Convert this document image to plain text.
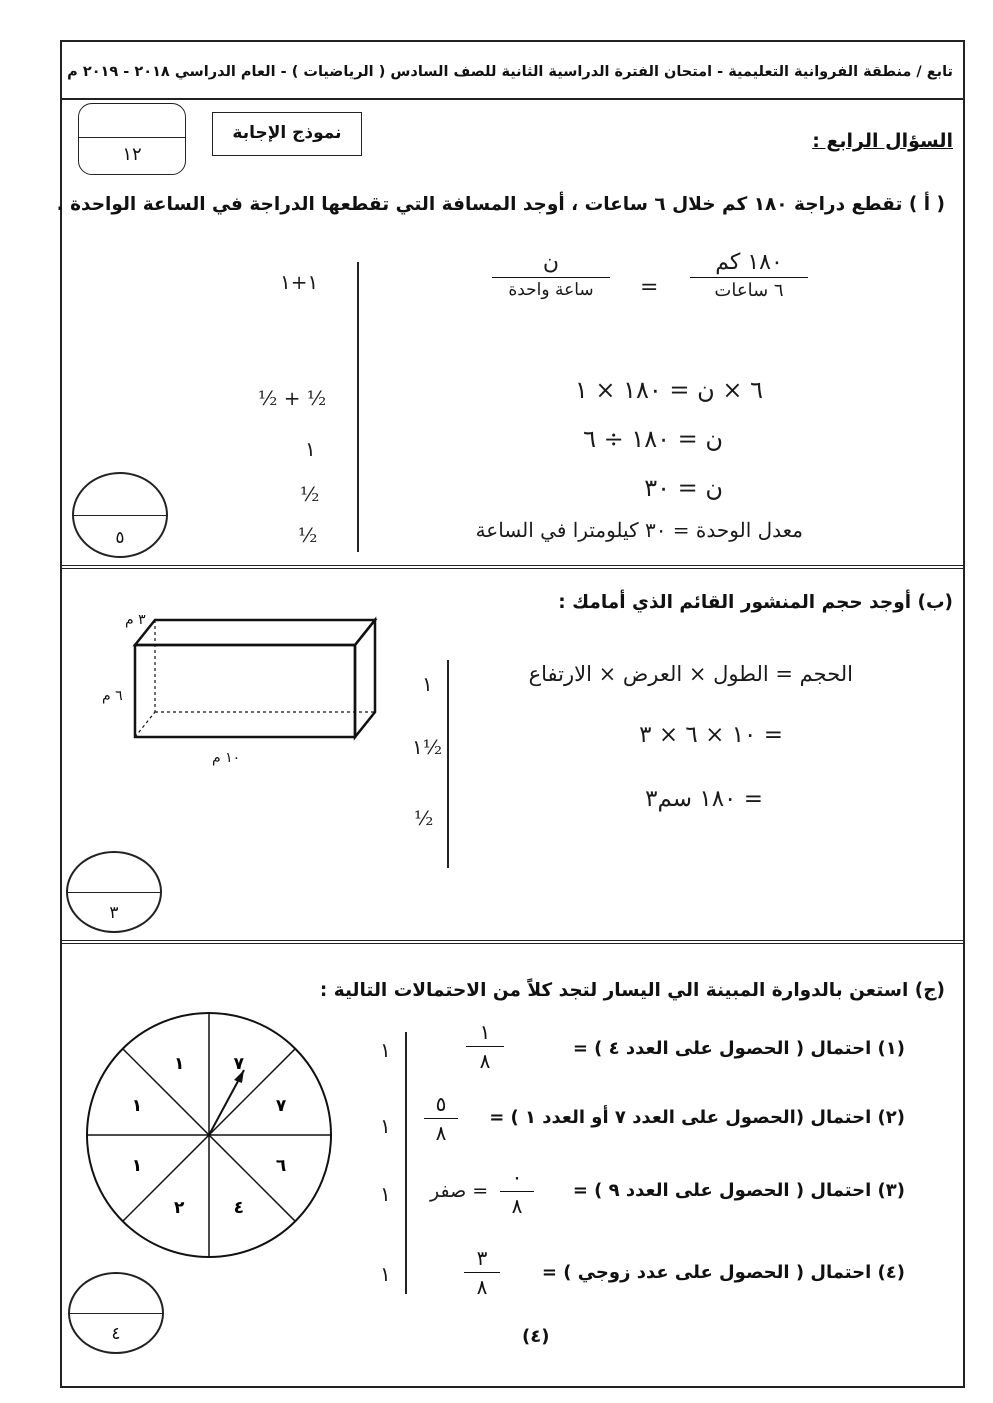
تابع / منطقة الفروانية التعليمية - امتحان الفترة الدراسية الثانية للصف السادس ( الرياضيات ) - العام الدراسي ٢٠١٨ - ٢٠١٩ م
١٢
نموذج الإجابة	السؤال الرابع :
( أ ) تقطع دراجة ١٨٠ كم خلال ٦ ساعات ، أوجد المسافة التي تقطعها الدراجة في الساعة الواحدة .
١٨٠ كم
٦ ساعات
=
ن
ساعة واحدة
٦ × ن = ١٨٠ × ١
ن = ١٨٠ ÷ ٦
ن = ٣٠
معدل الوحدة = ٣٠ كيلومترا في الساعة
١+١
½ + ½
١
½
½
٥
(ب) أوجد حجم المنشور القائم الذي أمامك :
٣ م
٦ م
١٠ م
الحجم = الطول × العرض × الارتفاع
= ١٠ × ٦ × ٣
= ١٨٠ سم٣
١
١½
½
٣
(ج) استعن بالدوارة المبينة الي اليسار لتجد كلاً من الاحتمالات التالية :
٧
٧
٦
٤
٢
١
١
١
(١) احتمال ( الحصول على العدد ٤ ) =
١
٨
(٢) احتمال (الحصول على العدد ٧ أو العدد ١ ) =
٥
٨
(٣) احتمال ( الحصول على العدد ٩ ) =
٠
٨
= صفر
(٤) احتمال ( الحصول على عدد زوجي ) =
٣
٨
١
١
١
١
٤	(٤)
